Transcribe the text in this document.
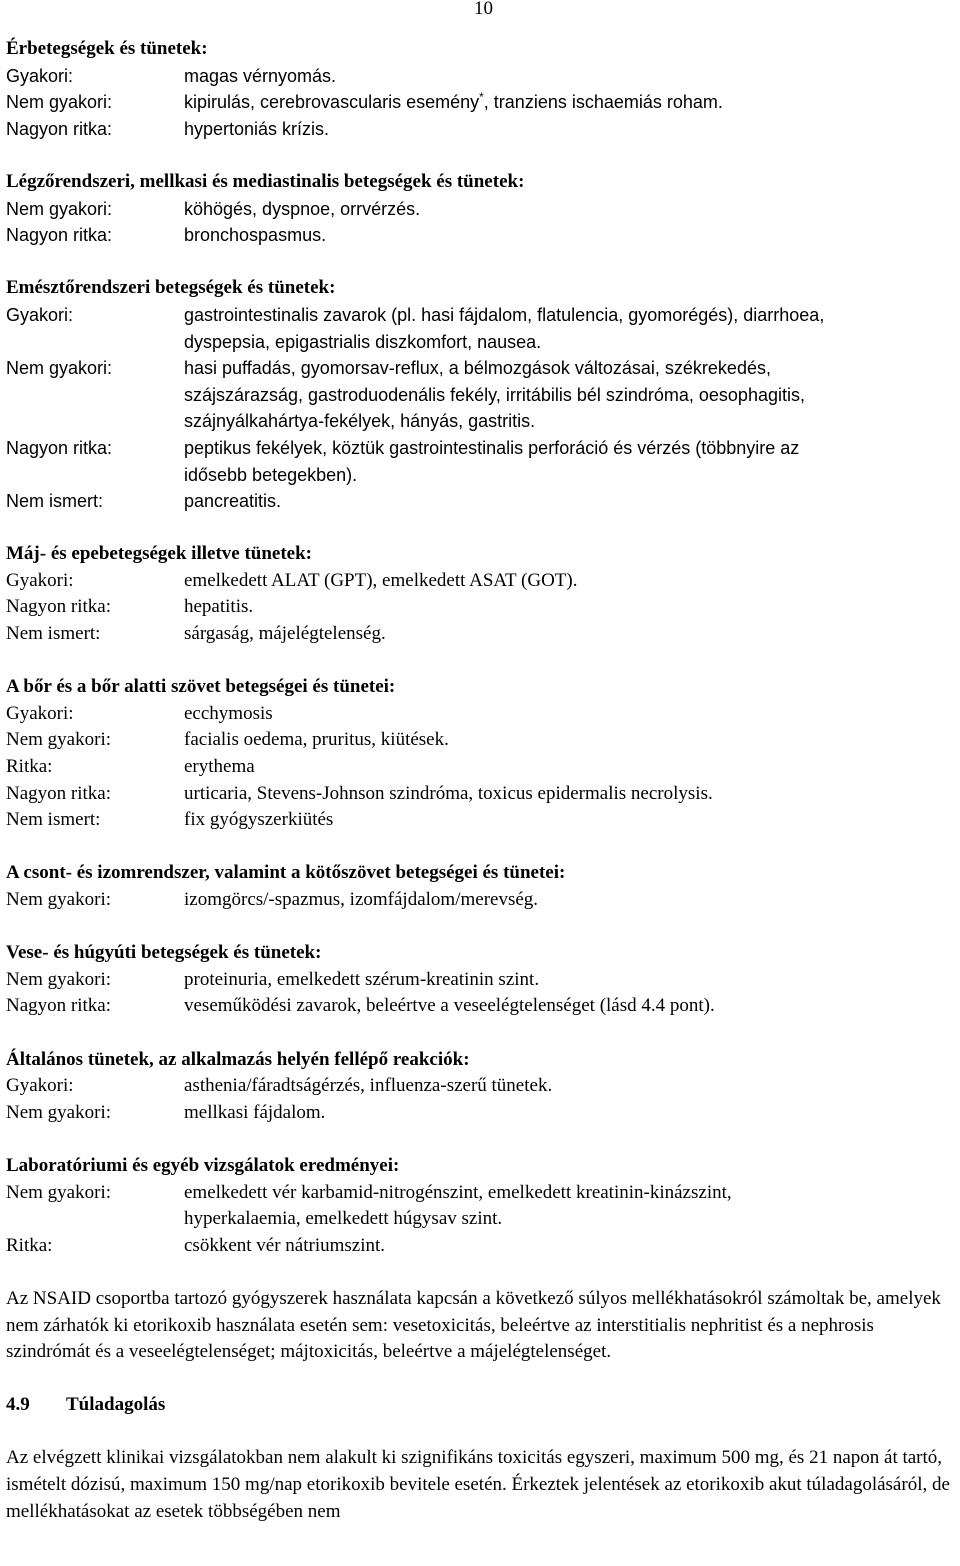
10
Érbetegségek és tünetek:
Gyakori:	magas vérnyomás.
Nem gyakori:	kipirulás, cerebrovascularis esemény*, tranziens ischaemiás roham.
Nagyon ritka:	hypertoniás krízis.
Légzőrendszeri, mellkasi és mediastinalis betegségek és tünetek:
Nem gyakori:	köhögés, dyspnoe, orrvérzés.
Nagyon ritka:	bronchospasmus.
Emésztőrendszeri betegségek és tünetek:
Gyakori:	gastrointestinalis zavarok (pl. hasi fájdalom, flatulencia, gyomorégés), diarrhoea,
dyspepsia, epigastrialis diszkomfort, nausea.
Nem gyakori:	hasi puffadás, gyomorsav-reflux, a bélmozgások változásai, székrekedés,
szájszárazság, gastroduodenális fekély, irritábilis bél szindróma, oesophagitis,
szájnyálkahártya-fekélyek, hányás, gastritis.
Nagyon ritka:	peptikus fekélyek, köztük gastrointestinalis perforáció és vérzés (többnyire az
idősebb betegekben).
Nem ismert:	pancreatitis.
Máj- és epebetegségek illetve tünetek:
Gyakori:	emelkedett ALAT (GPT), emelkedett ASAT (GOT).
Nagyon ritka:	hepatitis.
Nem ismert:	sárgaság, májelégtelenség.
A bőr és a bőr alatti szövet betegségei és tünetei:
Gyakori:	ecchymosis
Nem gyakori:	facialis oedema, pruritus, kiütések.
Ritka:	erythema
Nagyon ritka:	urticaria, Stevens-Johnson szindróma, toxicus epidermalis necrolysis.
Nem ismert:	fix gyógyszerkiütés
A csont- és izomrendszer, valamint a kötőszövet betegségei és tünetei:
Nem gyakori:	izomgörcs/-spazmus, izomfájdalom/merevség.
Vese- és húgyúti betegségek és tünetek:
Nem gyakori:	proteinuria, emelkedett szérum-kreatinin szint.
Nagyon ritka:	veseműködési zavarok, beleértve a veseelégtelenséget (lásd 4.4 pont).
Általános tünetek, az alkalmazás helyén fellépő reakciók:
Gyakori:	asthenia/fáradtságérzés, influenza-szerű tünetek.
Nem gyakori:	mellkasi fájdalom.
Laboratóriumi és egyéb vizsgálatok eredményei:
Nem gyakori:	emelkedett vér karbamid-nitrogénszint, emelkedett kreatinin-kinázszint,
hyperkalaemia, emelkedett húgysav szint.
Ritka:	csökkent vér nátriumszint.

Az NSAID csoportba tartozó gyógyszerek használata kapcsán a következő súlyos mellékhatásokról számoltak be, amelyek nem zárhatók ki etorikoxib használata esetén sem: vesetoxicitás, beleértve az interstitialis nephritist és a nephrosis szindrómát és a veseelégtelenséget; májtoxicitás, beleértve a májelégtelenséget.

4.9 Túladagolás

Az elvégzett klinikai vizsgálatokban nem alakult ki szignifikáns toxicitás egyszeri, maximum 500 mg, és 21 napon át tartó, ismételt dózisú, maximum 150 mg/nap etorikoxib bevitele esetén. Érkeztek jelentések az etorikoxib akut túladagolásáról, de mellékhatásokat az esetek többségében nem
